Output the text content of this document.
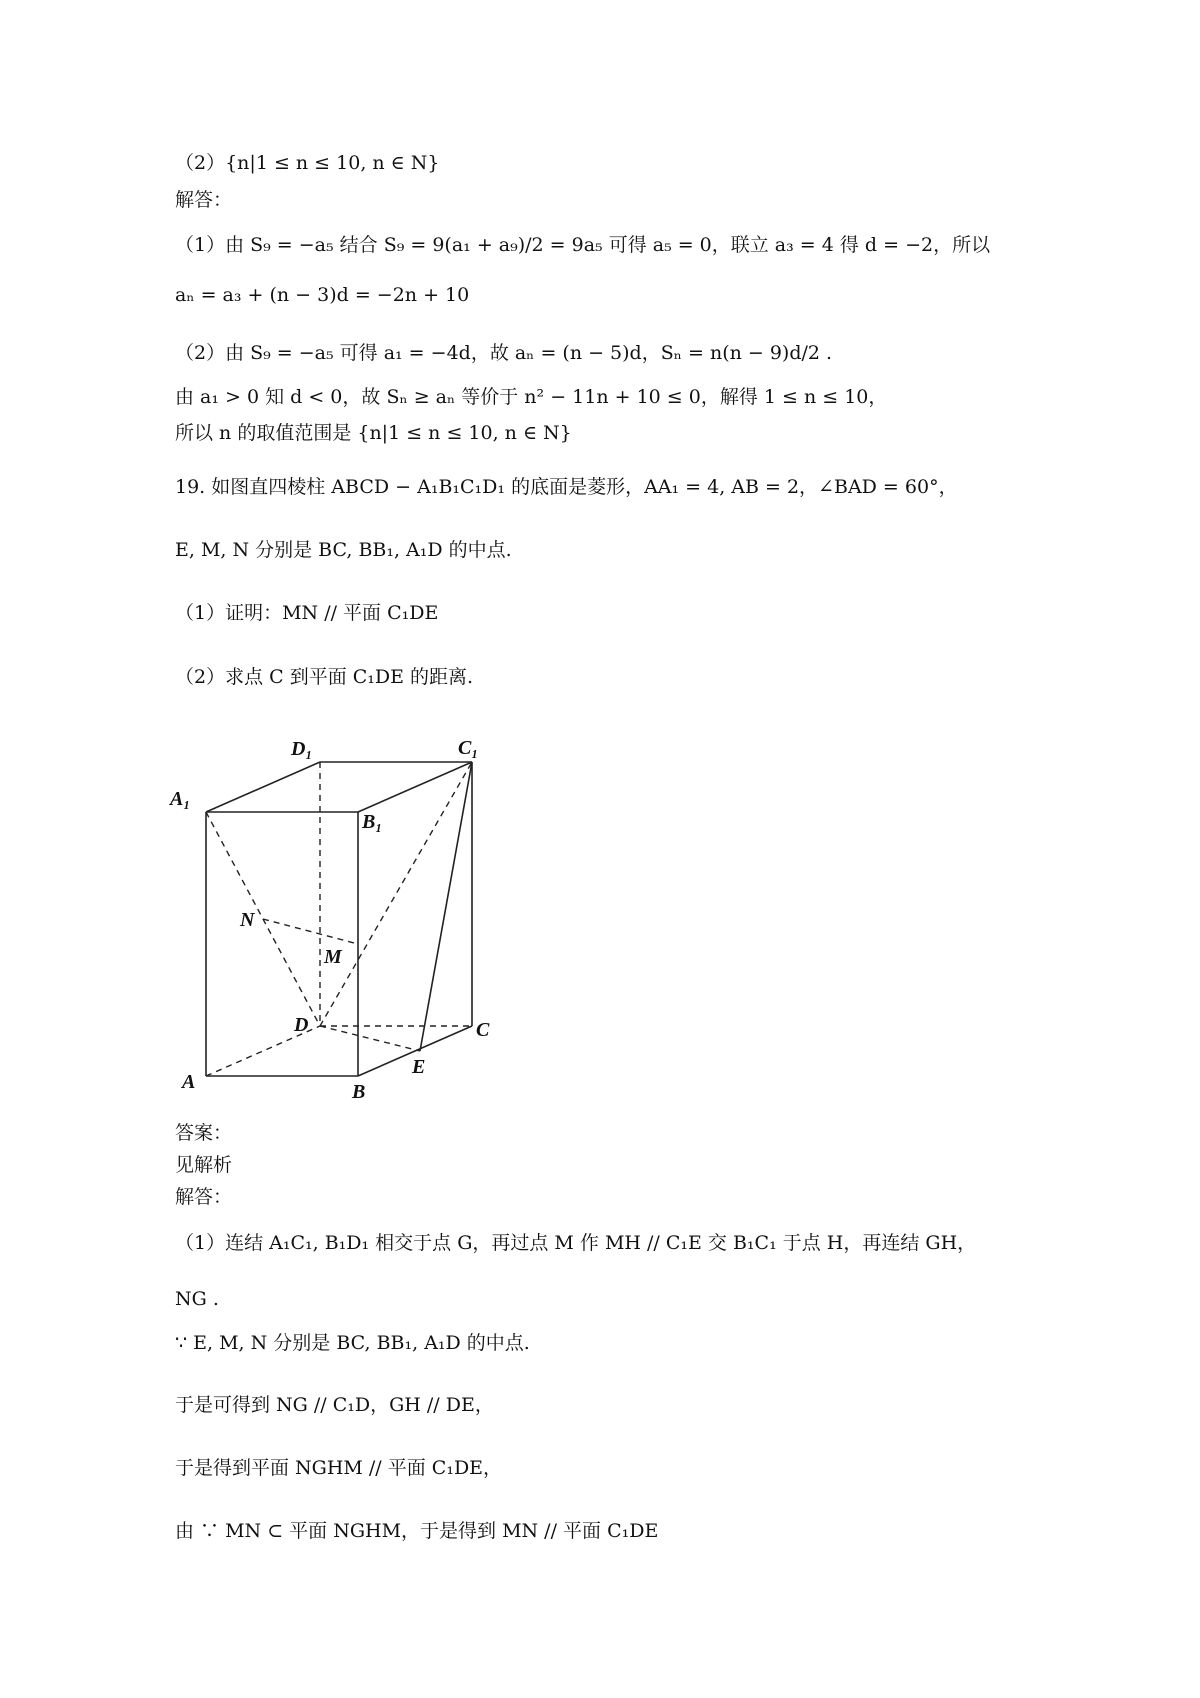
（2）{n|1 ≤ n ≤ 10, n ∈ N}
解答：
（1）由 S₉ = −a₅ 结合 S₉ = 9(a₁ + a₉)/2 = 9a₅ 可得 a₅ = 0，联立 a₃ = 4 得 d = −2，所以
aₙ = a₃ + (n − 3)d = −2n + 10
（2）由 S₉ = −a₅ 可得 a₁ = −4d，故 aₙ = (n − 5)d，Sₙ = n(n − 9)d/2 .
由 a₁ > 0 知 d < 0，故 Sₙ ≥ aₙ 等价于 n² − 11n + 10 ≤ 0，解得 1 ≤ n ≤ 10，
所以 n 的取值范围是 {n|1 ≤ n ≤ 10, n ∈ N}
19. 如图直四棱柱 ABCD − A₁B₁C₁D₁ 的底面是菱形，AA₁ = 4, AB = 2，∠BAD = 60°，
E, M, N 分别是 BC, BB₁, A₁D 的中点.
（1）证明：MN // 平面 C₁DE
（2）求点 C 到平面 C₁DE 的距离.
D₁	C₁
A₁
B₁
N
M
D	C
E
A	B
答案：
见解析
解答：
（1）连结 A₁C₁, B₁D₁ 相交于点 G，再过点 M 作 MH // C₁E 交 B₁C₁ 于点 H，再连结 GH，
NG .
∵ E, M, N 分别是 BC, BB₁, A₁D 的中点.
于是可得到 NG // C₁D，GH // DE，
于是得到平面 NGHM // 平面 C₁DE，
由 ∵ MN ⊂ 平面 NGHM，于是得到 MN // 平面 C₁DE
